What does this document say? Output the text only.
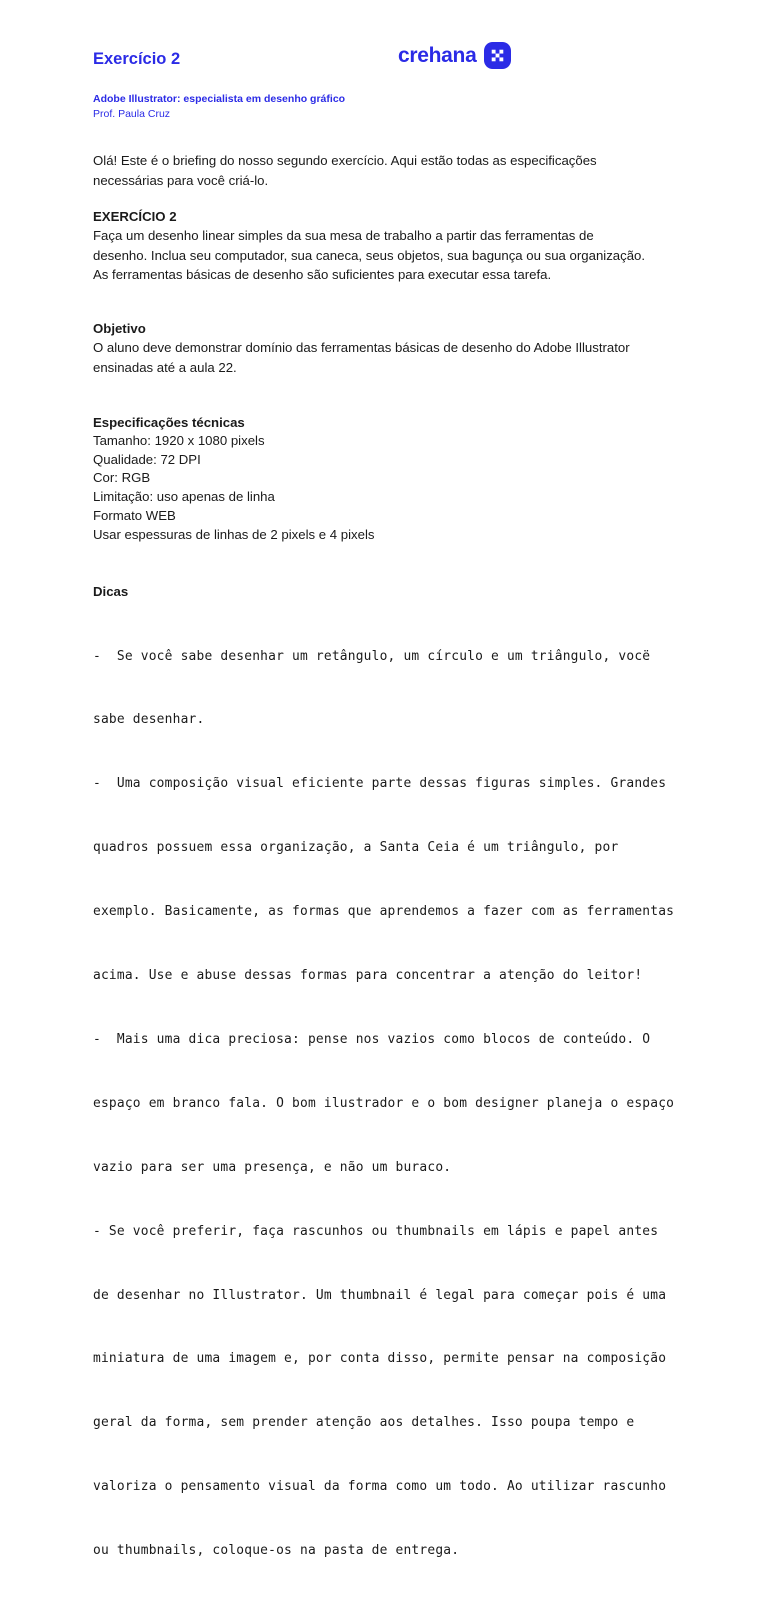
Exercício 2	crehana
Adobe Illustrator: especialista em desenho gráfico
Prof. Paula Cruz

Olá! Este é o briefing do nosso segundo exercício. Aqui estão todas as especificações

necessárias para você criá-lo.

EXERCÍCIO 2

Faça um desenho linear simples da sua mesa de trabalho a partir das ferramentas de

desenho. Inclua seu computador, sua caneca, seus objetos, sua bagunça ou sua organização.

As ferramentas básicas de desenho são suficientes para executar essa tarefa.

Objetivo

O aluno deve demonstrar domínio das ferramentas básicas de desenho do Adobe Illustrator

ensinadas até a aula 22.

Especificações técnicas

Tamanho: 1920 x 1080 pixels

Qualidade: 72 DPI

Cor: RGB

Limitação: uso apenas de linha

Formato WEB

Usar espessuras de linhas de 2 pixels e 4 pixels

Dicas

-  Se você sabe desenhar um retângulo, um círculo e um triângulo, vocë

sabe desenhar.

-  Uma composição visual eficiente parte dessas figuras simples. Grandes

quadros possuem essa organização, a Santa Ceia é um triângulo, por

exemplo. Basicamente, as formas que aprendemos a fazer com as ferramentas

acima. Use e abuse dessas formas para concentrar a atenção do leitor!

-  Mais uma dica preciosa: pense nos vazios como blocos de conteúdo. O

espaço em branco fala. O bom ilustrador e o bom designer planeja o espaço

vazio para ser uma presença, e não um buraco.

- Se você preferir, faça rascunhos ou thumbnails em lápis e papel antes

de desenhar no Illustrator. Um thumbnail é legal para começar pois é uma

miniatura de uma imagem e, por conta disso, permite pensar na composição

geral da forma, sem prender atenção aos detalhes. Isso poupa tempo e

valoriza o pensamento visual da forma como um todo. Ao utilizar rascunho

ou thumbnails, coloque-os na pasta de entrega.
